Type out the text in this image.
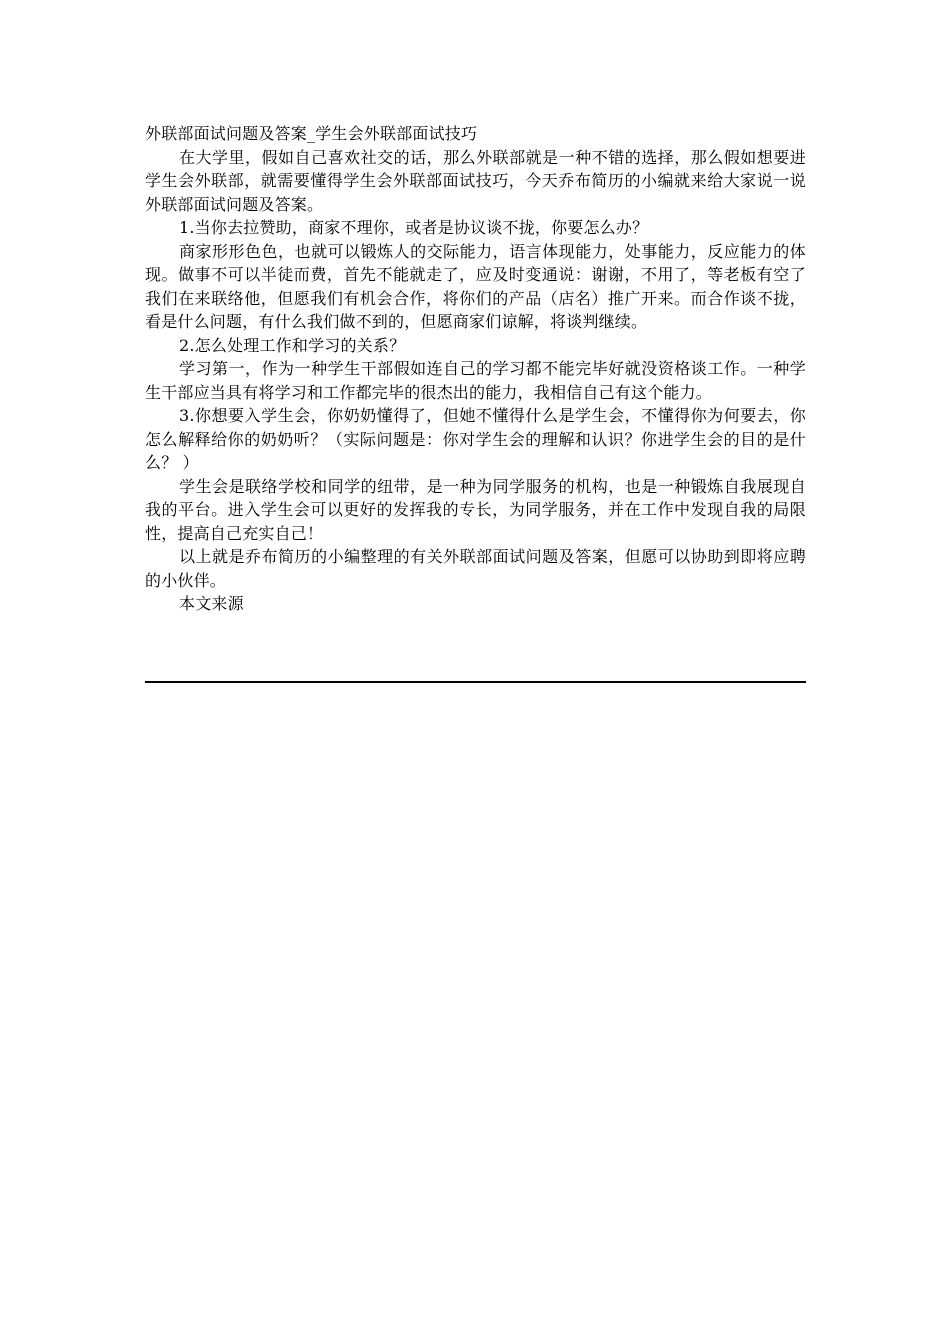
外联部面试问题及答案_学生会外联部面试技巧

在大学里，假如自己喜欢社交的话，那么外联部就是一种不错的选择，那么假如想要进学生会外联部，就需要懂得学生会外联部面试技巧，今天乔布简历的小编就来给大家说一说外联部面试问题及答案。

1.当你去拉赞助，商家不理你，或者是协议谈不拢，你要怎么办？

商家形形色色，也就可以锻炼人的交际能力，语言体现能力，处事能力，反应能力的体现。做事不可以半徒而费，首先不能就走了，应及时变通说：谢谢，不用了，等老板有空了我们在来联络他，但愿我们有机会合作，将你们的产品（店名）推广开来。而合作谈不拢，看是什么问题，有什么我们做不到的，但愿商家们谅解，将谈判继续。

2.怎么处理工作和学习的关系？

学习第一，作为一种学生干部假如连自己的学习都不能完毕好就没资格谈工作。一种学生干部应当具有将学习和工作都完毕的很杰出的能力，我相信自己有这个能力。

3.你想要入学生会，你奶奶懂得了，但她不懂得什么是学生会，不懂得你为何要去，你怎么解释给你的奶奶听？（实际问题是：你对学生会的理解和认识？你进学生会的目的是什么？ ）

学生会是联络学校和同学的纽带，是一种为同学服务的机构，也是一种锻炼自我展现自我的平台。进入学生会可以更好的发挥我的专长，为同学服务，并在工作中发现自我的局限性，提高自己充实自己！

以上就是乔布简历的小编整理的有关外联部面试问题及答案，但愿可以协助到即将应聘的小伙伴。

本文来源
